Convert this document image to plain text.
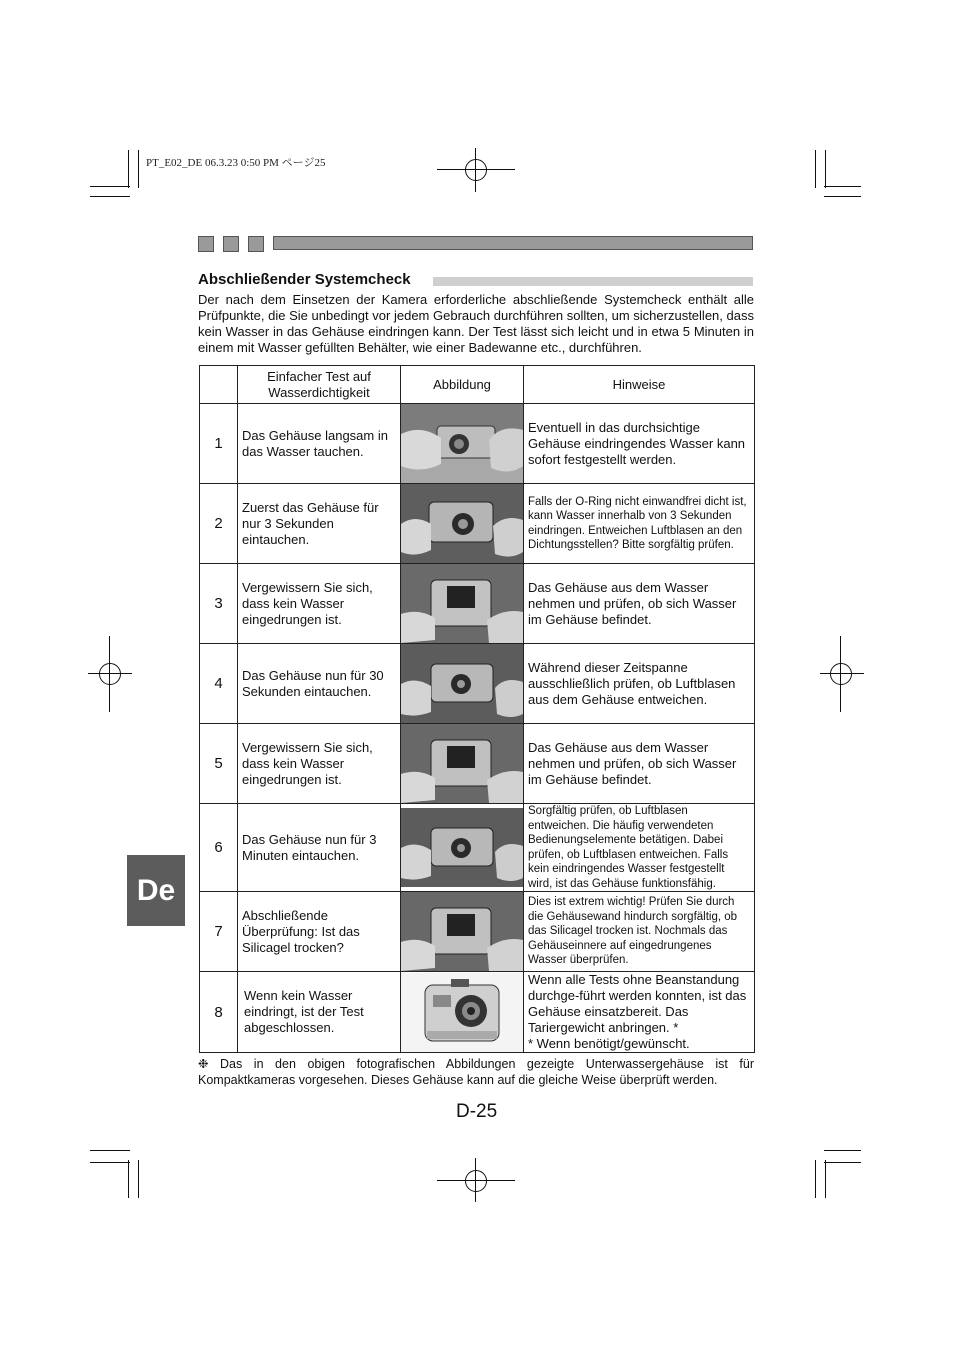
PT_E02_DE 06.3.23 0:50 PM ページ25
Abschließender Systemcheck
Der nach dem Einsetzen der Kamera erforderliche abschließende Systemcheck enthält alle Prüfpunkte, die Sie unbedingt vor jedem Gebrauch durchführen sollten, um sicherzustellen, dass kein Wasser in das Gehäuse eindringen kann. Der Test lässt sich leicht und in etwa 5 Minuten in einem mit Wasser gefüllten Behälter, wie einer Badewanne etc., durchführen.
	Einfacher Test auf Wasserdichtigkeit	Abbildung	Hinweise
1	Das Gehäuse langsam in das Wasser tauchen.		Eventuell in das durchsichtige Gehäuse eindringendes Wasser kann sofort festgestellt werden.
2	Zuerst das Gehäuse für nur 3 Sekunden eintauchen.		Falls der O-Ring nicht einwandfrei dicht ist, kann Wasser innerhalb von 3 Sekunden eindringen. Entweichen Luftblasen an den Dichtungsstellen? Bitte sorgfältig prüfen.
3	Vergewissern Sie sich, dass kein Wasser eingedrungen ist.		Das Gehäuse aus dem Wasser nehmen und prüfen, ob sich Wasser im Gehäuse befindet.
4	Das Gehäuse nun für 30 Sekunden eintauchen.		Während dieser Zeitspanne ausschließlich prüfen, ob Luftblasen aus dem Gehäuse entweichen.
5	Vergewissern Sie sich, dass kein Wasser eingedrungen ist.		Das Gehäuse aus dem Wasser nehmen und prüfen, ob sich Wasser im Gehäuse befindet.
6	Das Gehäuse nun für 3 Minuten eintauchen.		Sorgfältig prüfen, ob Luftblasen entweichen. Die häufig verwendeten Bedienungselemente betätigen. Dabei prüfen, ob Luftblasen entweichen. Falls kein eindringendes Wasser festgestellt wird, ist das Gehäuse funktionsfähig.
7	Abschließende Überprüfung: Ist das Silicagel trocken?		Dies ist extrem wichtig! Prüfen Sie durch die Gehäusewand hindurch sorgfältig, ob das Silicagel trocken ist. Nochmals das Gehäuseinnere auf eingedrungenes Wasser überprüfen.
8	Wenn kein Wasser eindringt, ist der Test abgeschlossen.		Wenn alle Tests ohne Beanstandung durchge-führt werden konnten, ist das Gehäuse einsatzbereit. Das Tariergewicht anbringen. *
* Wenn benötigt/gewünscht.
De
❉ Das in den obigen fotografischen Abbildungen gezeigte Unterwassergehäuse ist für Kompaktkameras vorgesehen. Dieses Gehäuse kann auf die gleiche Weise überprüft werden.
D-25
